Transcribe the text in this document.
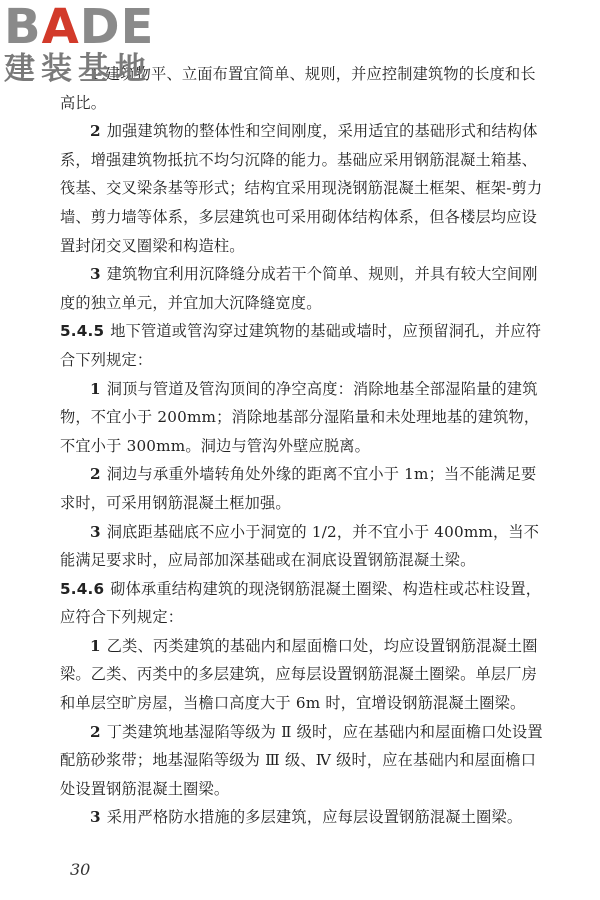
BADE
建装基地

1 建筑物平、立面布置宜简单、规则，并应控制建筑物的长度和长高比。

2 加强建筑物的整体性和空间刚度，采用适宜的基础形式和结构体系，增强建筑物抵抗不均匀沉降的能力。基础应采用钢筋混凝土箱基、筏基、交叉梁条基等形式；结构宜采用现浇钢筋混凝土框架、框架-剪力墙、剪力墙等体系，多层建筑也可采用砌体结构体系，但各楼层均应设置封闭交叉圈梁和构造柱。

3 建筑物宜利用沉降缝分成若干个简单、规则，并具有较大空间刚度的独立单元，并宜加大沉降缝宽度。

5.4.5 地下管道或管沟穿过建筑物的基础或墙时，应预留洞孔，并应符合下列规定：

1 洞顶与管道及管沟顶间的净空高度：消除地基全部湿陷量的建筑物，不宜小于 200mm；消除地基部分湿陷量和未处理地基的建筑物，不宜小于 300mm。洞边与管沟外壁应脱离。

2 洞边与承重外墙转角处外缘的距离不宜小于 1m；当不能满足要求时，可采用钢筋混凝土框加强。

3 洞底距基础底不应小于洞宽的 1/2，并不宜小于 400mm，当不能满足要求时，应局部加深基础或在洞底设置钢筋混凝土梁。

5.4.6 砌体承重结构建筑的现浇钢筋混凝土圈梁、构造柱或芯柱设置，应符合下列规定：

1 乙类、丙类建筑的基础内和屋面檐口处，均应设置钢筋混凝土圈梁。乙类、丙类中的多层建筑，应每层设置钢筋混凝土圈梁。单层厂房和单层空旷房屋，当檐口高度大于 6m 时，宜增设钢筋混凝土圈梁。

2 丁类建筑地基湿陷等级为 Ⅱ 级时，应在基础内和屋面檐口处设置配筋砂浆带；地基湿陷等级为 Ⅲ 级、Ⅳ 级时，应在基础内和屋面檐口处设置钢筋混凝土圈梁。

3 采用严格防水措施的多层建筑，应每层设置钢筋混凝土圈梁。

30
